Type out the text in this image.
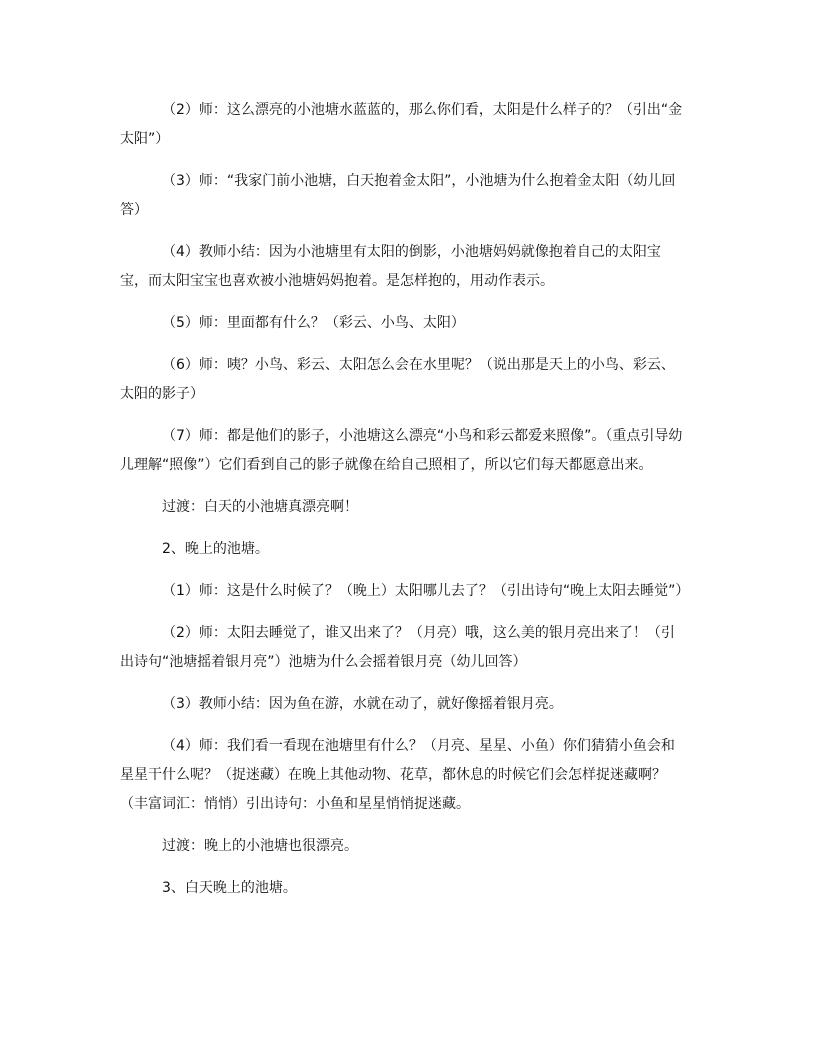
（2）师：这么漂亮的小池塘水蓝蓝的，那么你们看，太阳是什么样子的？（引出“金太阳”）

（3）师：“我家门前小池塘，白天抱着金太阳”，小池塘为什么抱着金太阳（幼儿回答）

（4）教师小结：因为小池塘里有太阳的倒影，小池塘妈妈就像抱着自己的太阳宝宝，而太阳宝宝也喜欢被小池塘妈妈抱着。是怎样抱的，用动作表示。

（5）师：里面都有什么？（彩云、小鸟、太阳）

（6）师：咦？小鸟、彩云、太阳怎么会在水里呢？（说出那是天上的小鸟、彩云、太阳的影子）

（7）师：都是他们的影子，小池塘这么漂亮“小鸟和彩云都爱来照像”。（重点引导幼儿理解“照像”）它们看到自己的影子就像在给自己照相了，所以它们每天都愿意出来。

过渡：白天的小池塘真漂亮啊！

2、晚上的池塘。

（1）师：这是什么时候了？（晚上）太阳哪儿去了？（引出诗句“晚上太阳去睡觉”）

（2）师：太阳去睡觉了，谁又出来了？（月亮）哦，这么美的银月亮出来了！（引出诗句“池塘摇着银月亮”）池塘为什么会摇着银月亮（幼儿回答）

（3）教师小结：因为鱼在游，水就在动了，就好像摇着银月亮。

（4）师：我们看一看现在池塘里有什么？（月亮、星星、小鱼）你们猜猜小鱼会和星星干什么呢？（捉迷藏）在晚上其他动物、花草，都休息的时候它们会怎样捉迷藏啊？（丰富词汇：悄悄）引出诗句：小鱼和星星悄悄捉迷藏。

过渡：晚上的小池塘也很漂亮。

3、白天晚上的池塘。
